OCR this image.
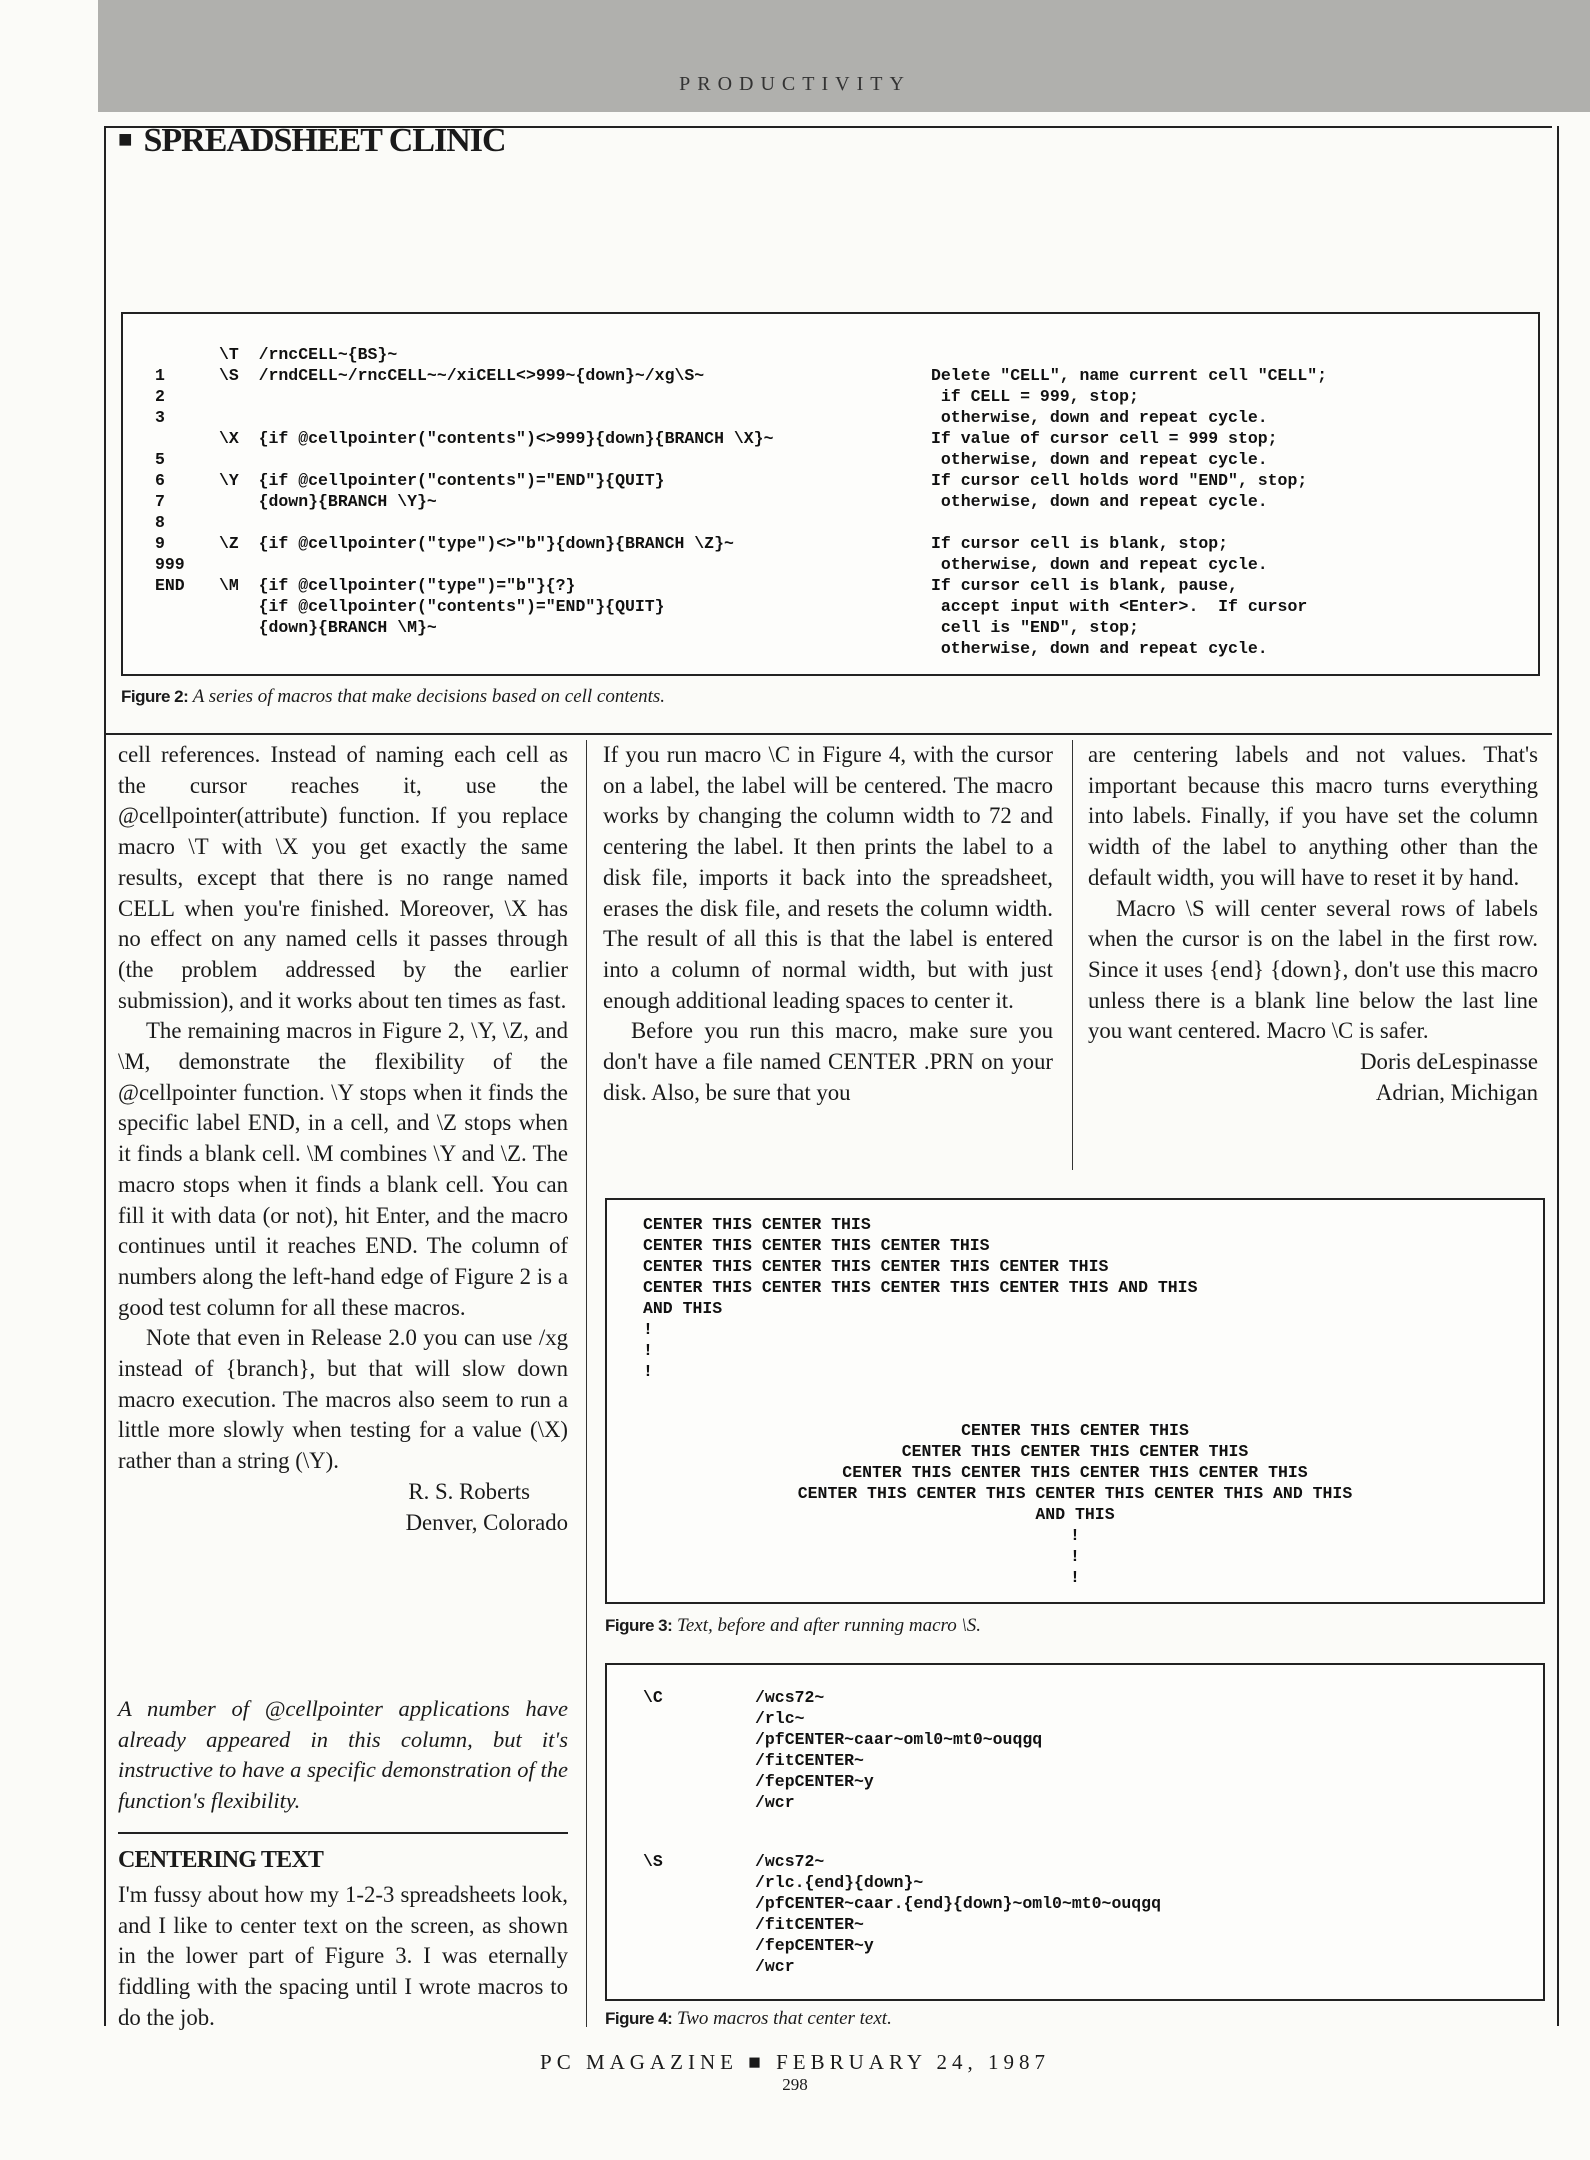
PRODUCTIVITY
■ SPREADSHEET CLINIC

1
2
3

5
6
7
8
9
999
END
\T  /rncCELL~{BS}~
\S  /rndCELL~/rncCELL~~/xiCELL<>999~{down}~/xg\S~

\X  {if @cellpointer("contents")<>999}{down}{BRANCH \X}~

\Y  {if @cellpointer("contents")="END"}{QUIT}
{down}{BRANCH \Y}~

\Z  {if @cellpointer("type")<>"b"}{down}{BRANCH \Z}~

\M  {if @cellpointer("type")="b"}{?}
{if @cellpointer("contents")="END"}{QUIT}
{down}{BRANCH \M}~

Delete "CELL", name current cell "CELL";
if CELL = 999, stop;
otherwise, down and repeat cycle.
If value of cursor cell = 999 stop;
otherwise, down and repeat cycle.
If cursor cell holds word "END", stop;
otherwise, down and repeat cycle.

If cursor cell is blank, stop;
otherwise, down and repeat cycle.
If cursor cell is blank, pause,
accept input with <Enter>.  If cursor
cell is "END", stop;
otherwise, down and repeat cycle.
Figure 2: A series of macros that make decisions based on cell contents.

cell references. Instead of naming each cell as the cursor reaches it, use the @cellpointer(attribute) function. If you replace macro \T with \X you get exactly the same results, except that there is no range named CELL when you're finished. Moreover, \X has no effect on any named cells it passes through (the problem addressed by the earlier submission), and it works about ten times as fast.

The remaining macros in Figure 2, \Y, \Z, and \M, demonstrate the flexibility of the @cellpointer function. \Y stops when it finds the specific label END, in a cell, and \Z stops when it finds a blank cell. \M combines \Y and \Z. The macro stops when it finds a blank cell. You can fill it with data (or not), hit Enter, and the macro continues until it reaches END. The column of numbers along the left-hand edge of Figure 2 is a good test column for all these macros.

Note that even in Release 2.0 you can use /xg instead of {branch}, but that will slow down macro execution. The macros also seem to run a little more slowly when testing for a value (\X) rather than a string (\Y).

R. S. Roberts

Denver, Colorado

A number of @cellpointer applications have already appeared in this column, but it's instructive to have a specific demonstration of the function's flexibility.
CENTERING TEXT
I'm fussy about how my 1-2-3 spreadsheets look, and I like to center text on the screen, as shown in the lower part of Figure 3. I was eternally fiddling with the spacing until I wrote macros to do the job.

If you run macro \C in Figure 4, with the cursor on a label, the label will be centered. The macro works by changing the column width to 72 and centering the label. It then prints the label to a disk file, imports it back into the spreadsheet, erases the disk file, and resets the column width. The result of all this is that the label is entered into a column of normal width, but with just enough additional leading spaces to center it.

Before you run this macro, make sure you don't have a file named CENTER .PRN on your disk. Also, be sure that you

are centering labels and not values. That's important because this macro turns everything into labels. Finally, if you have set the column width of the label to anything other than the default width, you will have to reset it by hand.

Macro \S will center several rows of labels when the cursor is on the label in the first row. Since it uses {end} {down}, don't use this macro unless there is a blank line below the last line you want centered. Macro \C is safer.

Doris deLespinasse

Adrian, Michigan

CENTER THIS CENTER THIS
CENTER THIS CENTER THIS CENTER THIS
CENTER THIS CENTER THIS CENTER THIS CENTER THIS
CENTER THIS CENTER THIS CENTER THIS CENTER THIS AND THIS
AND THIS
!
!
!
CENTER THIS CENTER THIS
CENTER THIS CENTER THIS CENTER THIS
CENTER THIS CENTER THIS CENTER THIS CENTER THIS
CENTER THIS CENTER THIS CENTER THIS CENTER THIS AND THIS
AND THIS
!
!
!
Figure 3: Text, before and after running macro \S.
\C	/wcs72~
/rlc~
/pfCENTER~caar~oml0~mt0~ouqgq
/fitCENTER~
/fepCENTER~y
/wcr
\S	/wcs72~
/rlc.{end}{down}~
/pfCENTER~caar.{end}{down}~oml0~mt0~ouqgq
/fitCENTER~
/fepCENTER~y
/wcr
Figure 4: Two macros that center text.
PC MAGAZINE ■ FEBRUARY 24, 1987
298
